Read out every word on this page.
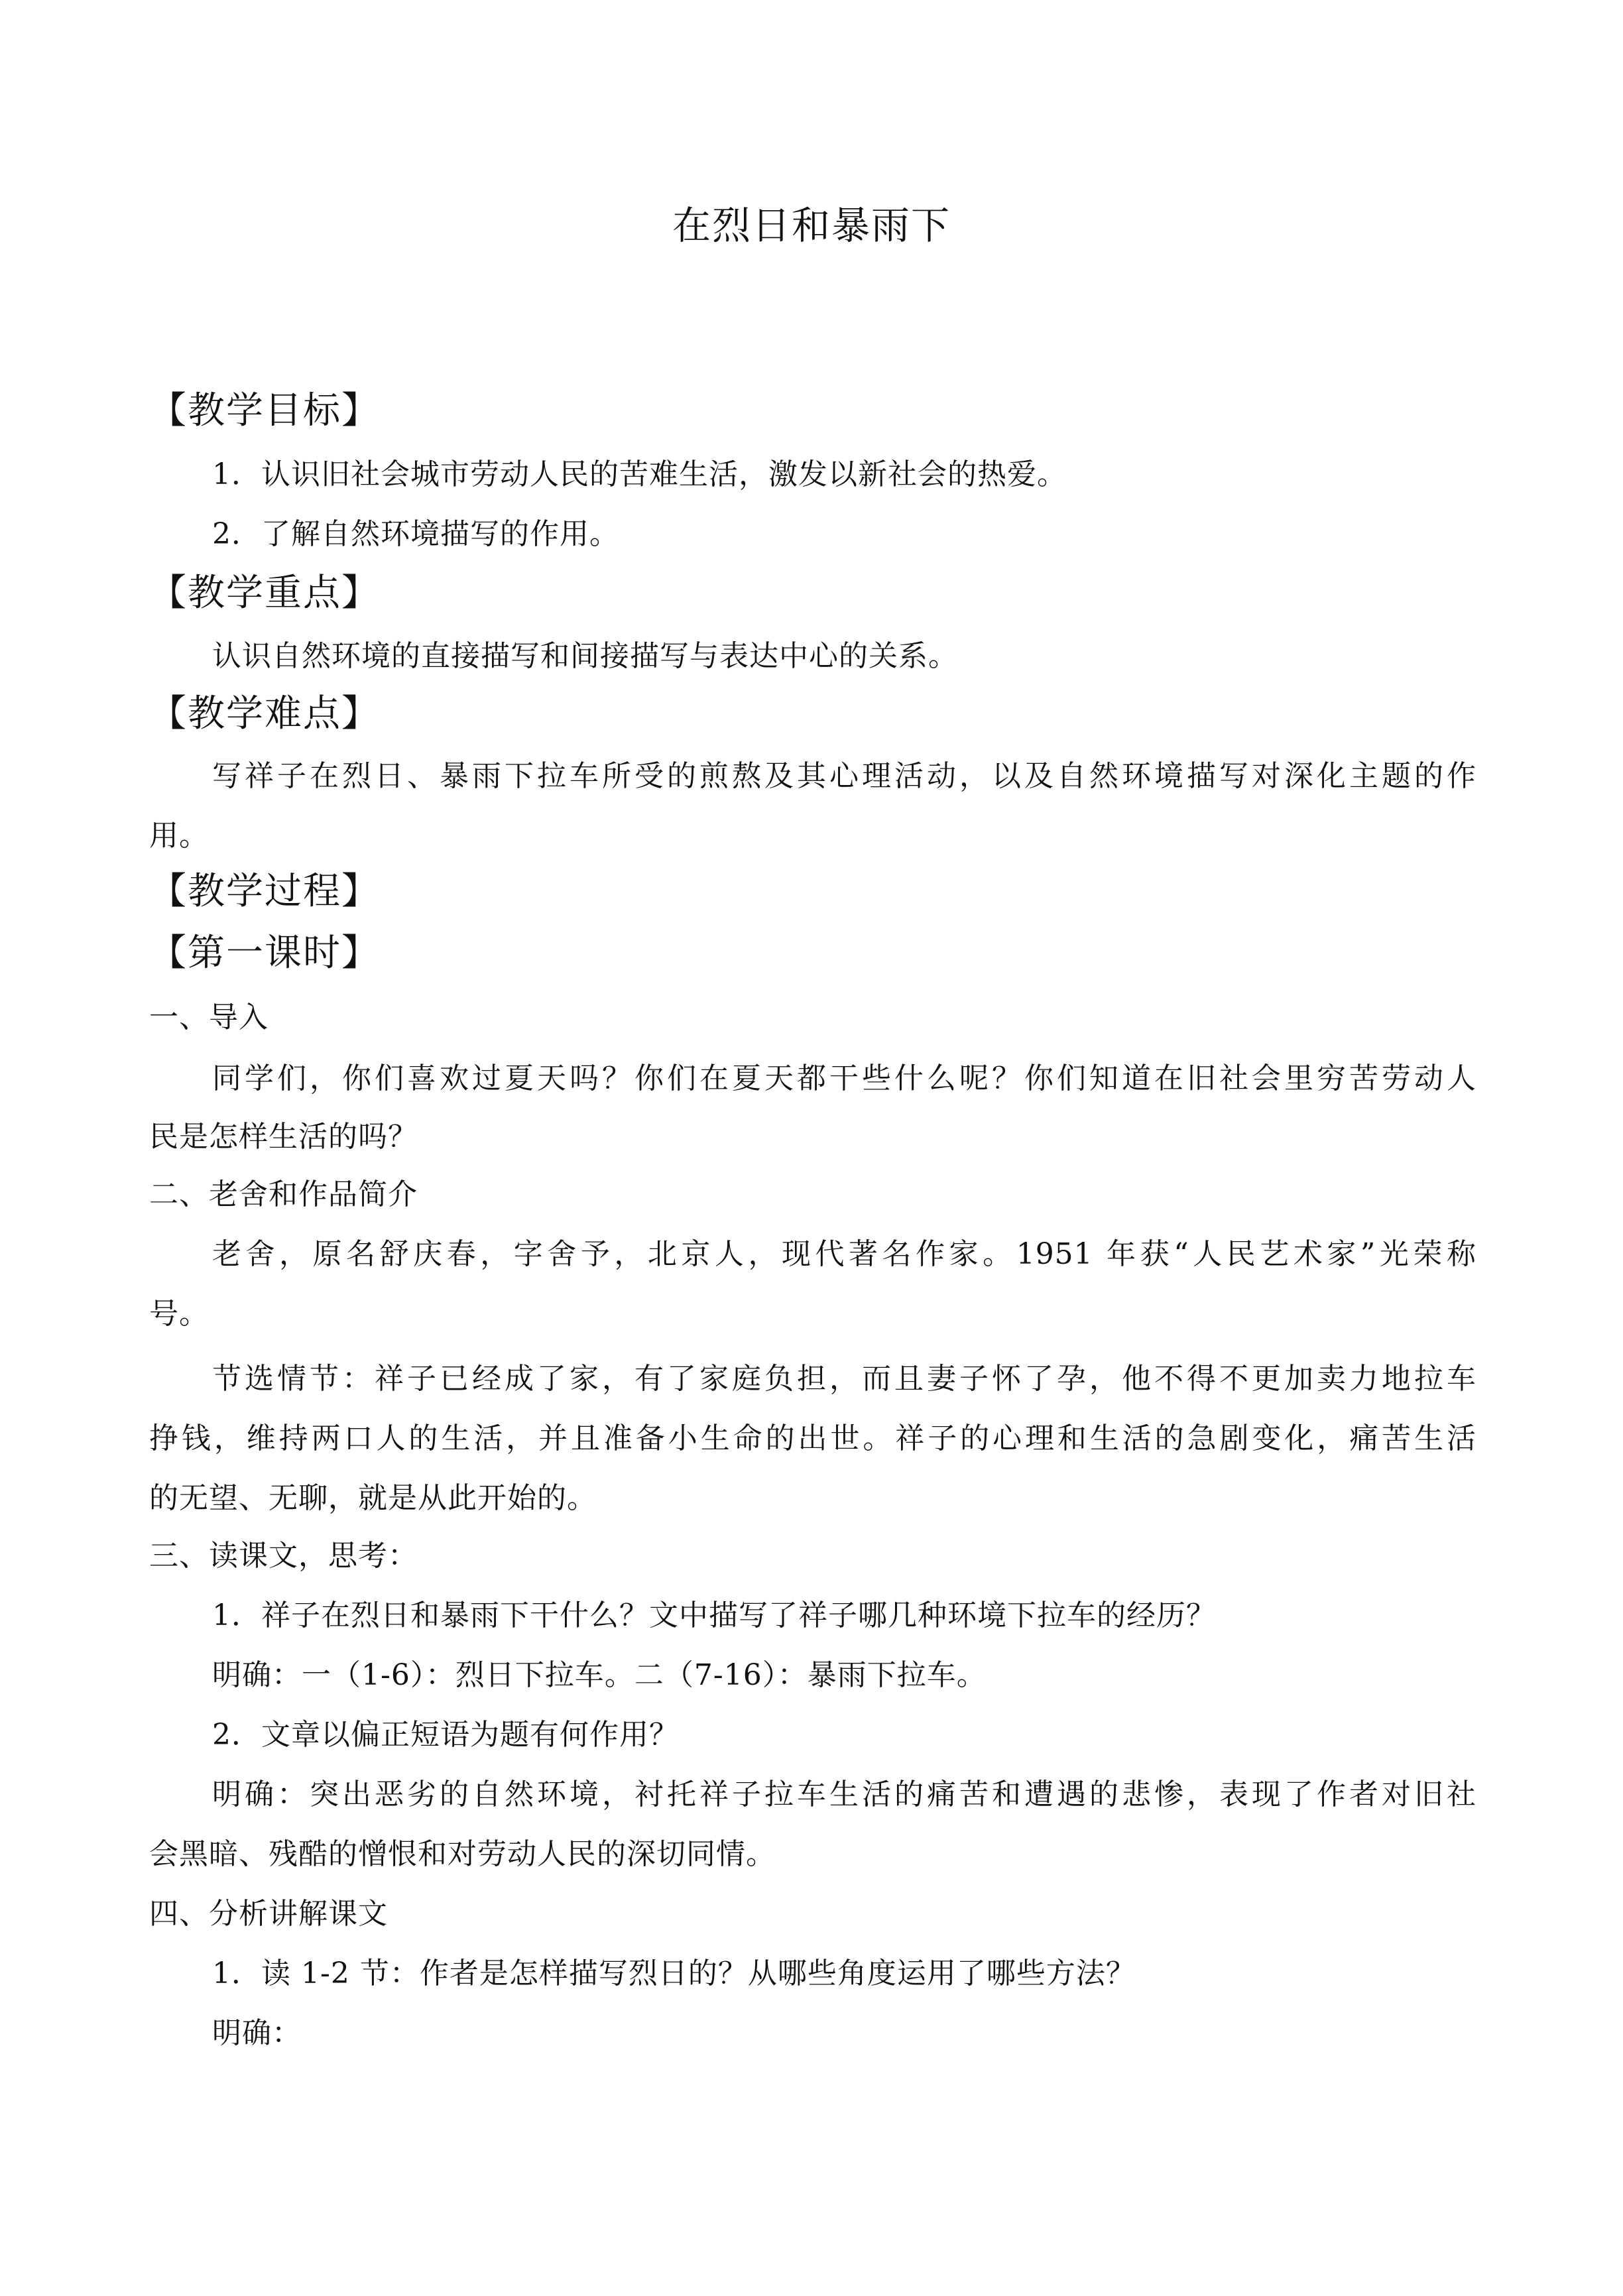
在烈日和暴雨下
【教学目标】
1．认识旧社会城市劳动人民的苦难生活，激发以新社会的热爱。
2．了解自然环境描写的作用。
【教学重点】
认识自然环境的直接描写和间接描写与表达中心的关系。
【教学难点】
写祥子在烈日、暴雨下拉车所受的煎熬及其心理活动，以及自然环境描写对深化主题的作
用。
【教学过程】
【第一课时】
一、导入
同学们，你们喜欢过夏天吗？你们在夏天都干些什么呢？你们知道在旧社会里穷苦劳动人
民是怎样生活的吗？
二、老舍和作品简介
老舍，原名舒庆春，字舍予，北京人，现代著名作家。1951 年获“人民艺术家”光荣称
号。
节选情节：祥子已经成了家，有了家庭负担，而且妻子怀了孕，他不得不更加卖力地拉车
挣钱，维持两口人的生活，并且准备小生命的出世。祥子的心理和生活的急剧变化，痛苦生活
的无望、无聊，就是从此开始的。
三、读课文，思考：
1．祥子在烈日和暴雨下干什么？文中描写了祥子哪几种环境下拉车的经历？
明确：一（1-6）：烈日下拉车。二（7-16）：暴雨下拉车。
2．文章以偏正短语为题有何作用？
明确：突出恶劣的自然环境，衬托祥子拉车生活的痛苦和遭遇的悲惨，表现了作者对旧社
会黑暗、残酷的憎恨和对劳动人民的深切同情。
四、分析讲解课文
1．读 1-2 节：作者是怎样描写烈日的？从哪些角度运用了哪些方法？
明确：
